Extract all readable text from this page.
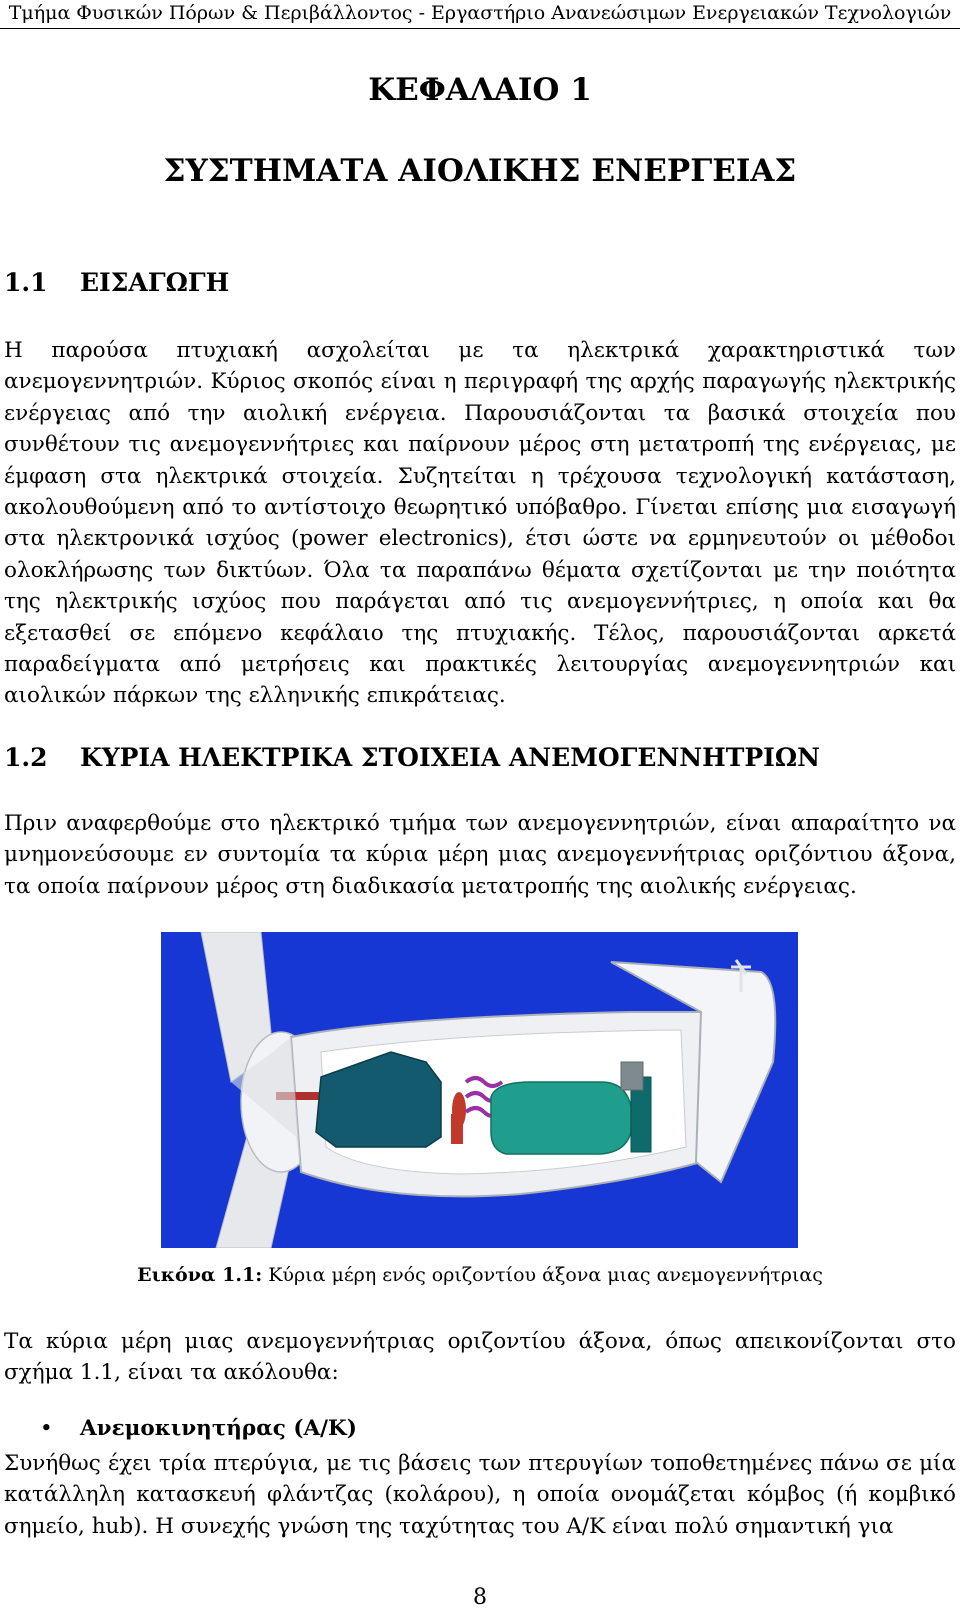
Τμήμα Φυσικών Πόρων & Περιβάλλοντος - Εργαστήριο Ανανεώσιμων Ενεργειακών Τεχνολογιών
ΚΕΦΑΛΑΙΟ 1
ΣΥΣΤΗΜΑΤΑ ΑΙΟΛΙΚΗΣ ΕΝΕΡΓΕΙΑΣ
1.1 ΕΙΣΑΓΩΓΗ

Η παρούσα πτυχιακή ασχολείται με τα ηλεκτρικά χαρακτηριστικά των ανεμογεννητριών. Κύριος σκοπός είναι η περιγραφή της αρχής παραγωγής ηλεκτρικής ενέργειας από την αιολική ενέργεια. Παρουσιάζονται τα βασικά στοιχεία που συνθέτουν τις ανεμογεννήτριες και παίρνουν μέρος στη μετατροπή της ενέργειας, με έμφαση στα ηλεκτρικά στοιχεία. Συζητείται η τρέχουσα τεχνολογική κατάσταση, ακολουθούμενη από το αντίστοιχο θεωρητικό υπόβαθρο. Γίνεται επίσης μια εισαγωγή στα ηλεκτρονικά ισχύος (power electronics), έτσι ώστε να ερμηνευτούν οι μέθοδοι ολοκλήρωσης των δικτύων. Όλα τα παραπάνω θέματα σχετίζονται με την ποιότητα της ηλεκτρικής ισχύος που παράγεται από τις ανεμογεννήτριες, η οποία και θα εξετασθεί σε επόμενο κεφάλαιο της πτυχιακής. Τέλος, παρουσιάζονται αρκετά παραδείγματα από μετρήσεις και πρακτικές λειτουργίας ανεμογεννητριών και αιολικών πάρκων της ελληνικής επικράτειας.

1.2 ΚΥΡΙΑ ΗΛΕΚΤΡΙΚΑ ΣΤΟΙΧΕΙΑ ΑΝΕΜΟΓΕΝΝΗΤΡΙΩΝ

Πριν αναφερθούμε στο ηλεκτρικό τμήμα των ανεμογεννητριών, είναι απαραίτητο να μνημονεύσουμε εν συντομία τα κύρια μέρη μιας ανεμογεννήτριας οριζόντιου άξονα, τα οποία παίρνουν μέρος στη διαδικασία μετατροπής της αιολικής ενέργειας.

Εικόνα 1.1: Κύρια μέρη ενός οριζοντίου άξονα μιας ανεμογεννήτριας

Τα κύρια μέρη μιας ανεμογεννήτριας οριζοντίου άξονα, όπως απεικονίζονται στο σχήμα 1.1, είναι τα ακόλουθα:

• Ανεμοκινητήρας (Α/Κ)

Συνήθως έχει τρία πτερύγια, με τις βάσεις των πτερυγίων τοποθετημένες πάνω σε μία κατάλληλη κατασκευή φλάντζας (κολάρου), η οποία ονομάζεται κόμβος (ή κομβικό σημείο, hub). Η συνεχής γνώση της ταχύτητας του Α/Κ είναι πολύ σημαντική για

8
